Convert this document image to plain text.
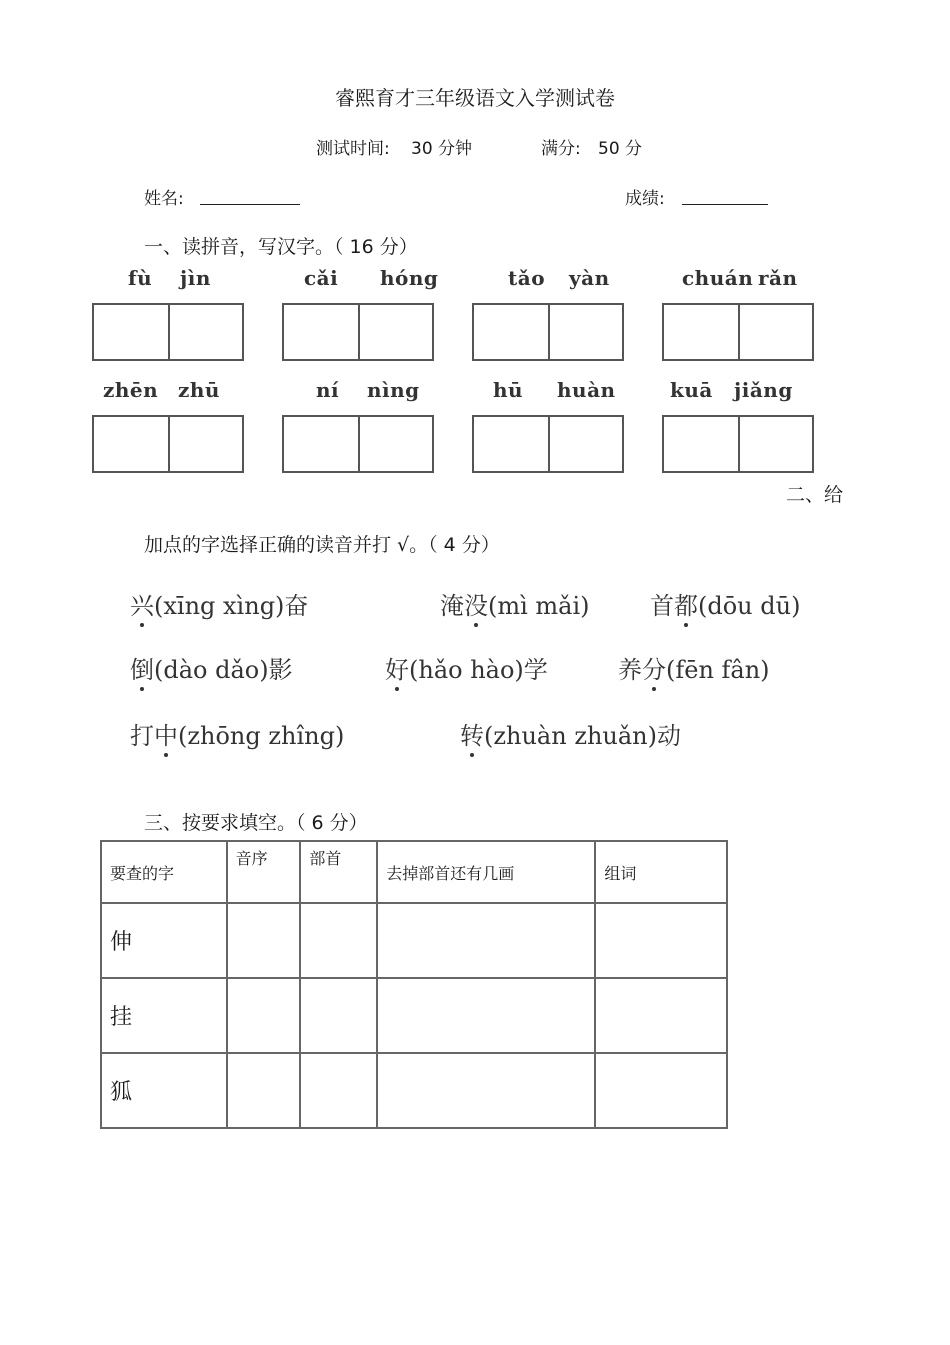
睿熙育才三年级语文入学测试卷
测试时间: 30 分钟	满分: 50 分
姓名:	成绩:
一、读拼音，写汉字。（ 16 分）
fù jìn	cǎi hóng	tǎo yàn	chuán rǎn
zhēn zhū	ní nìng	hū huàn	kuā jiǎng
二、给
加点的字选择正确的读音并打 √。（ 4 分）
兴(xīng xìng)奋	淹没(mì mǎi)	首都(dōu dū)
倒(dào dǎo)影	好(hǎo hào)学	养分(fēn fân)
打中(zhōng zhîng)	转(zhuàn zhuǎn)动
三、按要求填空。（ 6 分）
要查的字	音序	部首	去掉部首还有几画	组词
伸				
挂				
狐				
